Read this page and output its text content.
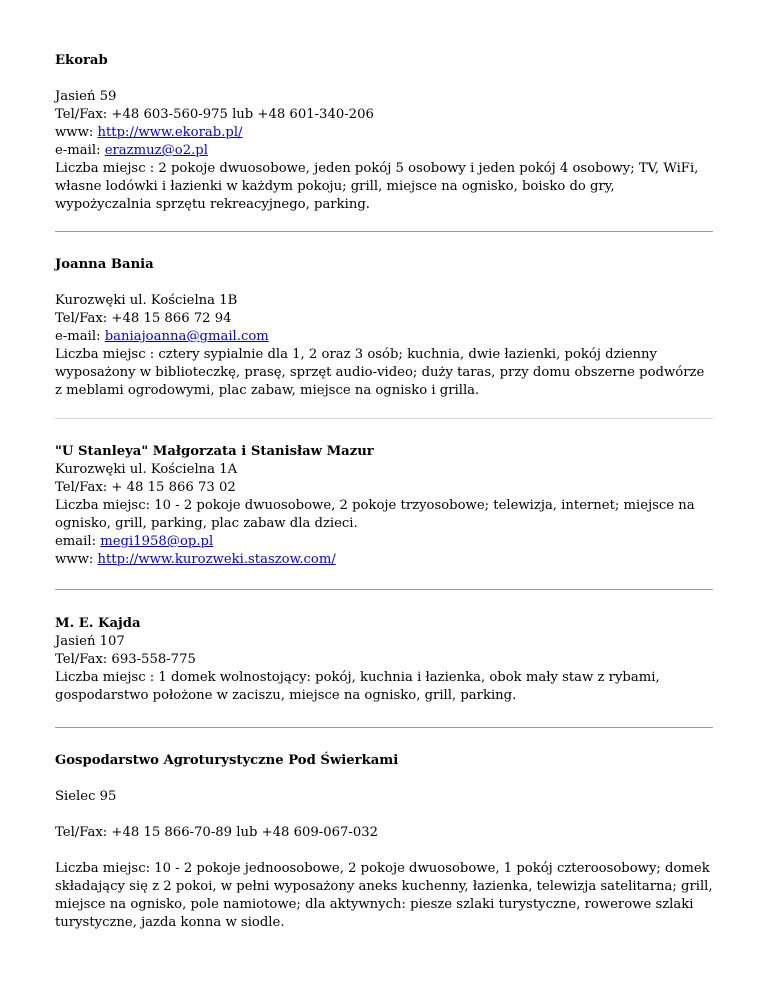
Ekorab

Jasień 59

Tel/Fax: +48 603-560-975 lub +48 601-340-206

www: http://www.ekorab.pl/

e-mail: erazmuz@o2.pl

Liczba miejsc : 2 pokoje dwuosobowe, jeden pokój 5 osobowy i jeden pokój 4 osobowy; TV, WiFi, własne lodówki i łazienki w każdym pokoju; grill, miejsce na ognisko, boisko do gry, wypożyczalnia sprzętu rekreacyjnego, parking.

Joanna Bania

Kurozwęki ul. Kościelna 1B

Tel/Fax: +48 15 866 72 94

e-mail: baniajoanna@gmail.com

Liczba miejsc : cztery sypialnie dla 1, 2 oraz 3 osób; kuchnia, dwie łazienki, pokój dzienny wyposażony w biblioteczkę, prasę, sprzęt audio-video; duży taras, przy domu obszerne podwórze z meblami ogrodowymi, plac zabaw, miejsce na ognisko i grilla.

"U Stanleya" Małgorzata i Stanisław Mazur

Kurozwęki ul. Kościelna 1A

Tel/Fax: + 48 15 866 73 02

Liczba miejsc: 10 - 2 pokoje dwuosobowe, 2 pokoje trzyosobowe; telewizja, internet; miejsce na ognisko, grill, parking, plac zabaw dla dzieci.

email: megi1958@op.pl

www: http://www.kurozweki.staszow.com/

M. E. Kajda

Jasień 107

Tel/Fax: 693-558-775

Liczba miejsc : 1 domek wolnostojący: pokój, kuchnia i łazienka, obok mały staw z rybami, gospodarstwo położone w zaciszu, miejsce na ognisko, grill, parking.

Gospodarstwo Agroturystyczne Pod Świerkami

Sielec 95

Tel/Fax: +48 15 866-70-89 lub +48 609-067-032

Liczba miejsc: 10 - 2 pokoje jednoosobowe, 2 pokoje dwuosobowe, 1 pokój czteroosobowy; domek składający się z 2 pokoi, w pełni wyposażony aneks kuchenny, łazienka, telewizja satelitarna; grill, miejsce na ognisko, pole namiotowe; dla aktywnych: piesze szlaki turystyczne, rowerowe szlaki turystyczne, jazda konna w siodle.
